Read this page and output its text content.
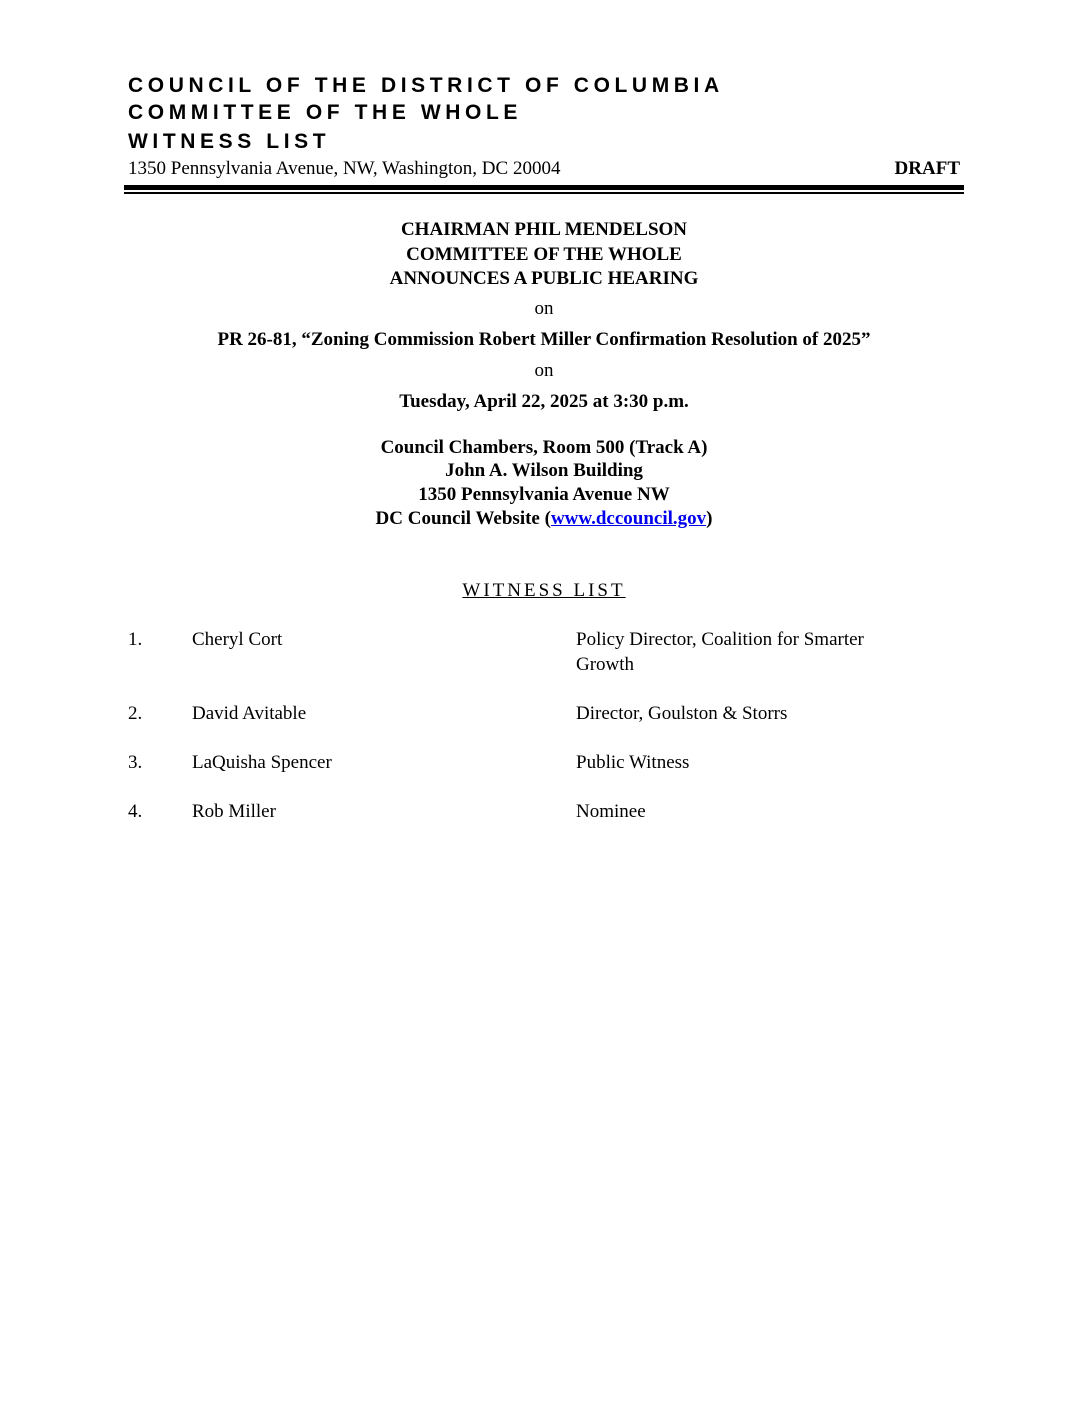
COUNCIL OF THE DISTRICT OF COLUMBIA
COMMITTEE OF THE WHOLE
WITNESS LIST
1350 Pennsylvania Avenue, NW, Washington, DC 20004	DRAFT
CHAIRMAN PHIL MENDELSON
COMMITTEE OF THE WHOLE
ANNOUNCES A PUBLIC HEARING
on
PR 26-81, “Zoning Commission Robert Miller Confirmation Resolution of 2025”
on
Tuesday, April 22, 2025 at 3:30 p.m.
Council Chambers, Room 500 (Track A)
John A. Wilson Building
1350 Pennsylvania Avenue NW
DC Council Website (www.dccouncil.gov)
WITNESS LIST
1.	Cheryl Cort	Policy Director, Coalition for Smarter Growth
2.	David Avitable	Director, Goulston & Storrs
3.	LaQuisha Spencer	Public Witness
4.	Rob Miller	Nominee
